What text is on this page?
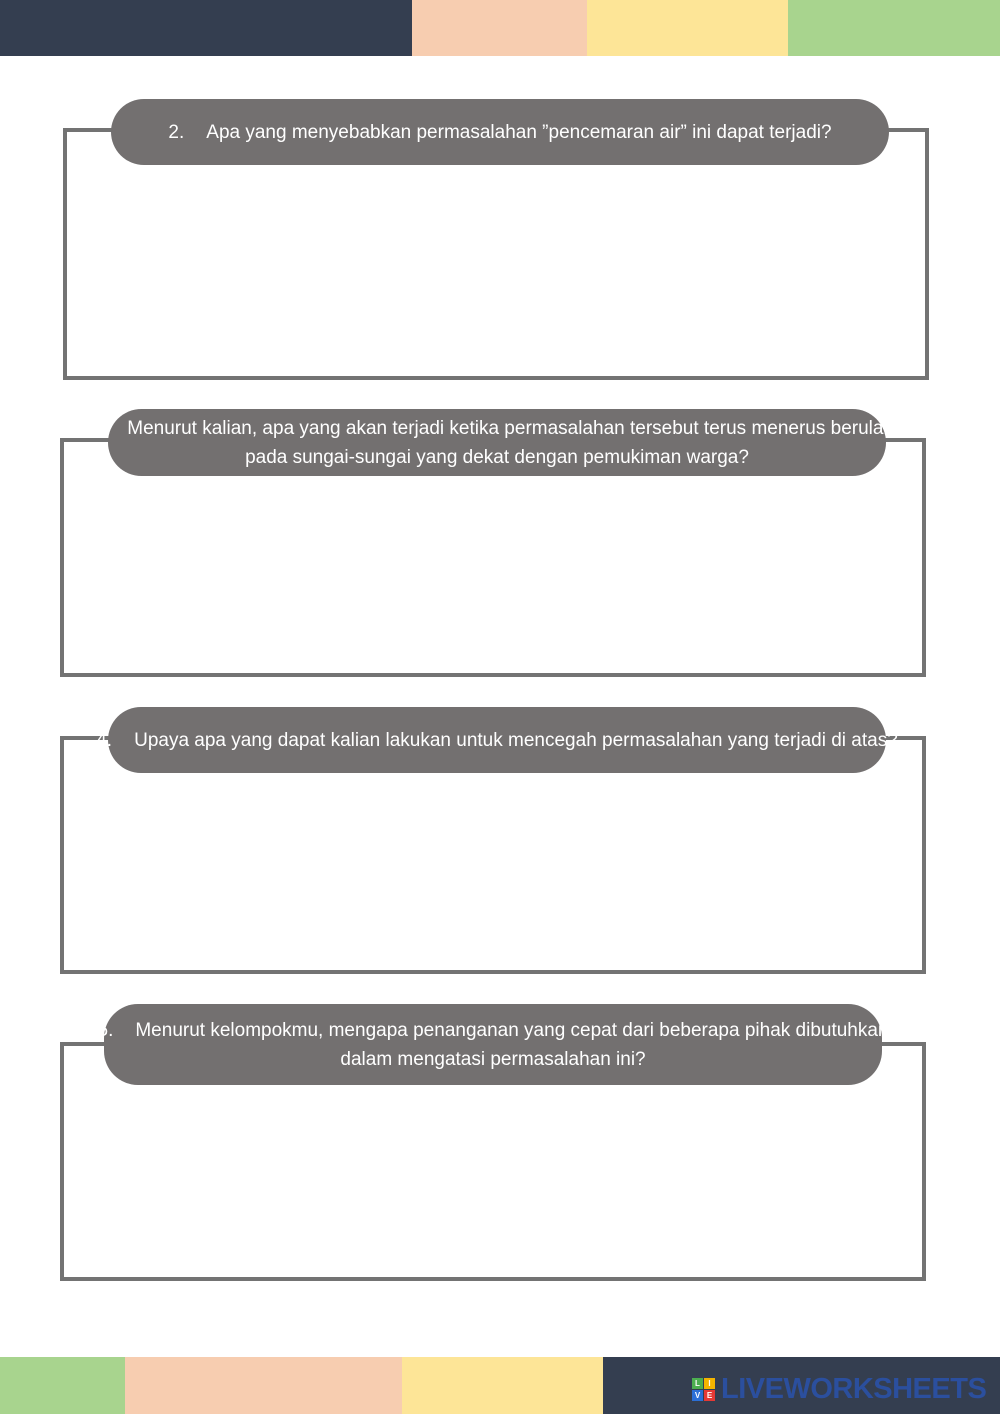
2. Apa yang menyebabkan permasalahan ”pencemaran air” ini dapat terjadi?
3. Menurut kalian, apa yang akan terjadi ketika permasalahan tersebut terus menerus berulang
pada sungai-sungai yang dekat dengan pemukiman warga?
4. Upaya apa yang dapat kalian lakukan untuk mencegah permasalahan yang terjadi di atas?
5. Menurut kelompokmu, mengapa penanganan yang cepat dari beberapa pihak dibutuhkan
dalam mengatasi permasalahan ini?
L	I
V E LIVEWORKSHEETS
